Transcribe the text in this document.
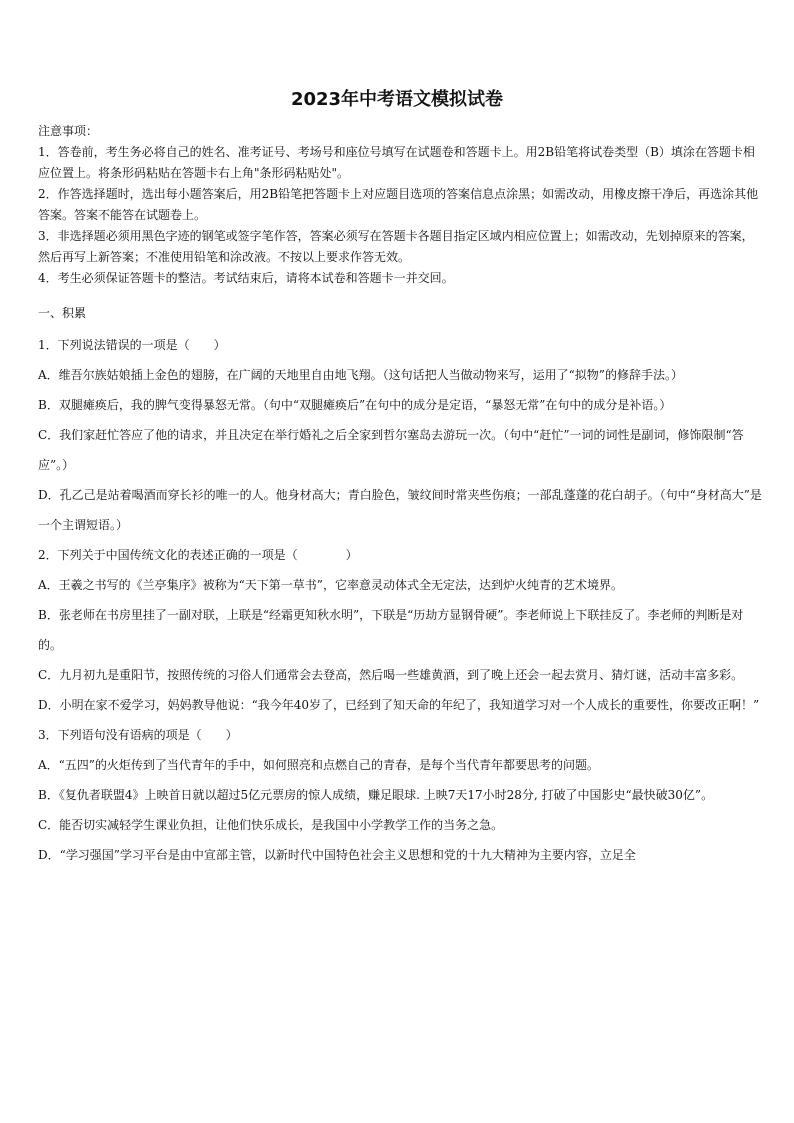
2023年中考语文模拟试卷

注意事项：

1．答卷前，考生务必将自己的姓名、准考证号、考场号和座位号填写在试题卷和答题卡上。用2B铅笔将试卷类型（B）填涂在答题卡相应位置上。将条形码粘贴在答题卡右上角"条形码粘贴处"。

2．作答选择题时，选出每小题答案后，用2B铅笔把答题卡上对应题目选项的答案信息点涂黑；如需改动，用橡皮擦干净后，再选涂其他答案。答案不能答在试题卷上。

3．非选择题必须用黑色字迹的钢笔或签字笔作答，答案必须写在答题卡各题目指定区域内相应位置上；如需改动，先划掉原来的答案，然后再写上新答案；不准使用铅笔和涂改液。不按以上要求作答无效。

4．考生必须保证答题卡的整洁。考试结束后，请将本试卷和答题卡一并交回。

一、积累

1．下列说法错误的一项是（　　）

A．维吾尔族姑娘插上金色的翅膀，在广阔的天地里自由地飞翔。（这句话把人当做动物来写，运用了“拟物”的修辞手法。）

B．双腿瘫痪后，我的脾气变得暴怒无常。（句中“双腿瘫痪后”在句中的成分是定语，“暴怒无常”在句中的成分是补语。）

C．我们家赶忙答应了他的请求，并且决定在举行婚礼之后全家到哲尔塞岛去游玩一次。（句中“赶忙”一词的词性是副词，修饰限制“答应”。）

D．孔乙己是站着喝酒而穿长衫的唯一的人。他身材高大；青白脸色，皱纹间时常夹些伤痕；一部乱蓬蓬的花白胡子。（句中“身材高大”是一个主谓短语。）

2．下列关于中国传统文化的表述正确的一项是（　　　　）

A．王羲之书写的《兰亭集序》被称为“天下第一草书”，它率意灵动体式全无定法，达到炉火纯青的艺术境界。

B．张老师在书房里挂了一副对联，上联是“经霜更知秋水明”，下联是“历劫方显钢骨硬”。李老师说上下联挂反了。李老师的判断是对的。

C．九月初九是重阳节，按照传统的习俗人们通常会去登高，然后喝一些雄黄酒，到了晚上还会一起去赏月、猜灯谜，活动丰富多彩。

D．小明在家不爱学习，妈妈教导他说：“我今年40岁了，已经到了知天命的年纪了，我知道学习对一个人成长的重要性，你要改正啊！”

3．下列语句没有语病的项是（　　）

A．“五四”的火炬传到了当代青年的手中，如何照亮和点燃自己的青春，是每个当代青年都要思考的问题。

B．《复仇者联盟4》上映首日就以超过5亿元票房的惊人成绩，赚足眼球. 上映7天17小时28分, 打破了中国影史“最快破30亿”。

C．能否切实减轻学生课业负担，让他们快乐成长，是我国中小学教学工作的当务之急。

D．“学习强国”学习平台是由中宣部主管，以新时代中国特色社会主义思想和党的十九大精神为主要内容，立足全
